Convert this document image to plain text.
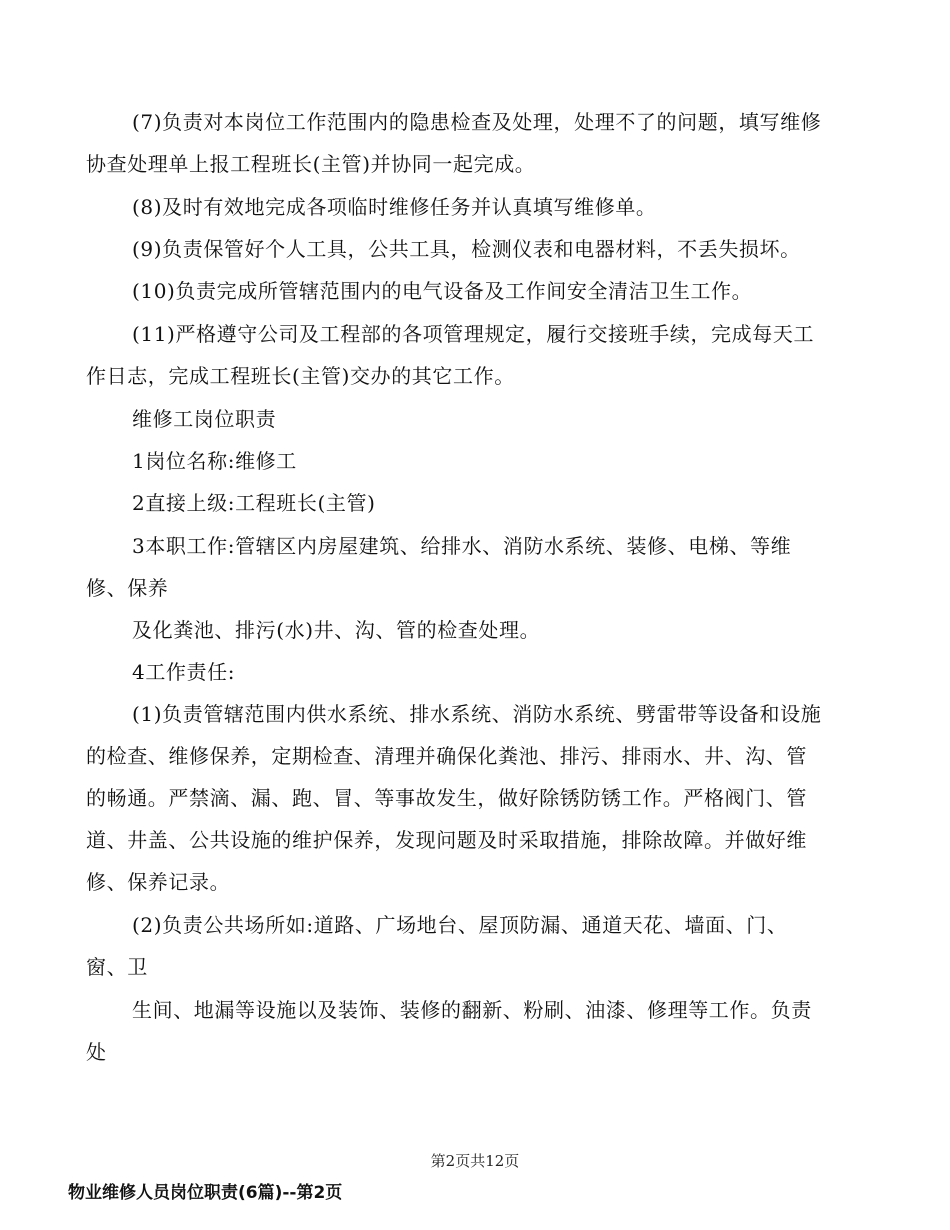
(7)负责对本岗位工作范围内的隐患检查及处理，处理不了的问题，填写维修
协查处理单上报工程班长(主管)并协同一起完成。
(8)及时有效地完成各项临时维修任务并认真填写维修单。
(9)负责保管好个人工具，公共工具，检测仪表和电器材料，不丢失损坏。
(10)负责完成所管辖范围内的电气设备及工作间安全清洁卫生工作。
(11)严格遵守公司及工程部的各项管理规定，履行交接班手续，完成每天工
作日志，完成工程班长(主管)交办的其它工作。
维修工岗位职责
1岗位名称:维修工
2直接上级:工程班长(主管)
3本职工作:管辖区内房屋建筑、给排水、消防水系统、装修、电梯、等维
修、保养
及化粪池、排污(水)井、沟、管的检查处理。
4工作责任:
(1)负责管辖范围内供水系统、排水系统、消防水系统、劈雷带等设备和设施
的检查、维修保养，定期检查、清理并确保化粪池、排污、排雨水、井、沟、管
的畅通。严禁滴、漏、跑、冒、等事故发生，做好除锈防锈工作。严格阀门、管
道、井盖、公共设施的维护保养，发现问题及时采取措施，排除故障。并做好维
修、保养记录。
(2)负责公共场所如:道路、广场地台、屋顶防漏、通道天花、墙面、门、
窗、卫
生间、地漏等设施以及装饰、装修的翻新、粉刷、油漆、修理等工作。负责
处
第2页共12页
物业维修人员岗位职责(6篇)--第2页
